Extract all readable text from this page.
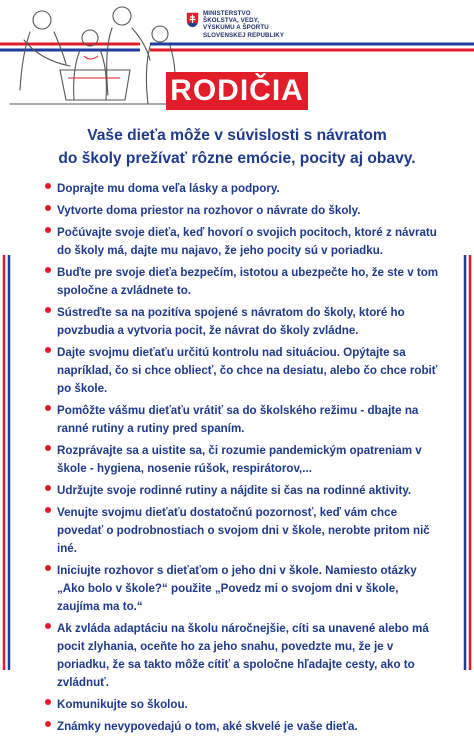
MINISTERSTVO
ŠKOLSTVA, VEDY,
VÝSKUMU A ŠPORTU
SLOVENSKEJ REPUBLIKY
RODIČIA
Vaše dieťa môže v súvislosti s návratom
do školy prežívať rôzne emócie, pocity aj obavy.
Doprajte mu doma veľa lásky a podpory.
Vytvorte doma priestor na rozhovor o návrate do školy.
Počúvajte svoje dieťa, keď hovorí o svojich pocitoch, ktoré z návratu do školy má, dajte mu najavo, že jeho pocity sú v poriadku.
Buďte pre svoje dieťa bezpečím, istotou a ubezpečte ho, že ste v tom spoločne a zvládnete to.
Sústreďte sa na pozitíva spojené s návratom do školy, ktoré ho povzbudia a vytvoria pocit, že návrat do školy zvládne.
Dajte svojmu dieťaťu určitú kontrolu nad situáciou. Opýtajte sa napríklad, čo si chce obliecť, čo chce na desiatu, alebo čo chce robiť po škole.
Pomôžte vášmu dieťaťu vrátiť sa do školského režimu - dbajte na ranné rutiny a rutiny pred spaním.
Rozprávajte sa a uistite sa, či rozumie pandemickým opatreniam v škole - hygiena, nosenie rúšok, respirátorov,...
Udržujte svoje rodinné rutiny a nájdite si čas na rodinné aktivity.
Venujte svojmu dieťaťu dostatočnú pozornosť, keď vám chce povedať o podrobnostiach o svojom dni v škole, nerobte pritom nič iné.
Iniciujte rozhovor s dieťaťom o jeho dni v škole. Namiesto otázky „Ako bolo v škole?“ použite „Povedz mi o svojom dni v škole, zaujíma ma to.“
Ak zvláda adaptáciu na školu náročnejšie, cíti sa unavené alebo má pocit zlyhania, oceňte ho za jeho snahu, povedzte mu, že je v poriadku, že sa takto môže cítiť a spoločne hľadajte cesty, ako to zvládnuť.
Komunikujte so školou.
Známky nevypovedajú o tom, aké skvelé je vaše dieťa.
